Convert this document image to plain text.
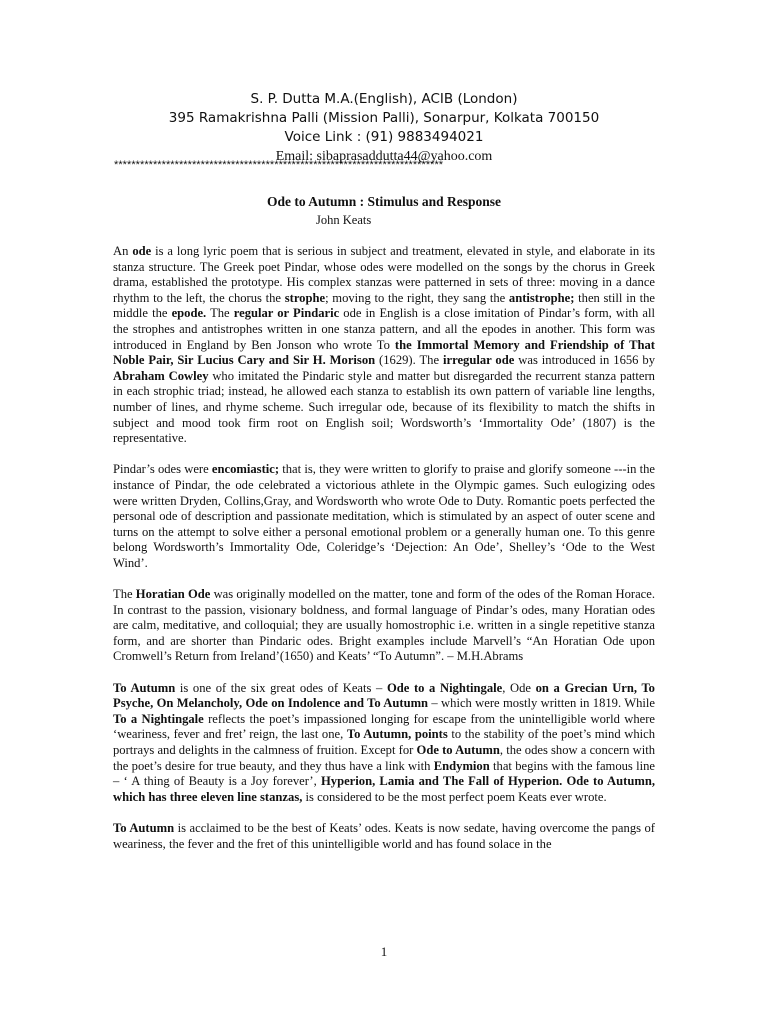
S. P. Dutta M.A.(English), ACIB (London)
395 Ramakrishna Palli (Mission Palli), Sonarpur, Kolkata 700150
Voice Link : (91) 9883494021
Email: sibaprasaddutta44@yahoo.com
****************************************************************************
Ode to Autumn : Stimulus and Response
John Keats

An ode is a long lyric poem that is serious in subject and treatment, elevated in style, and elaborate in its stanza structure. The Greek poet Pindar, whose odes were modelled on the songs by the chorus in Greek drama, established the prototype. His complex stanzas were patterned in sets of three: moving in a dance rhythm to the left, the chorus the strophe; moving to the right, they sang the antistrophe; then still in the middle the epode. The regular or Pindaric ode in English is a close imitation of Pindar’s form, with all the strophes and antistrophes written in one stanza pattern, and all the epodes in another. This form was introduced in England by Ben Jonson who wrote To the Immortal Memory and Friendship of That Noble Pair, Sir Lucius Cary and Sir H. Morison (1629). The irregular ode was introduced in 1656 by Abraham Cowley who imitated the Pindaric style and matter but disregarded the recurrent stanza pattern in each strophic triad; instead, he allowed each stanza to establish its own pattern of variable line lengths, number of lines, and rhyme scheme. Such irregular ode, because of its flexibility to match the shifts in subject and mood took firm root on English soil; Wordsworth’s ‘Immortality Ode’ (1807) is the representative.

Pindar’s odes were encomiastic; that is, they were written to glorify to praise and glorify someone ---in the instance of Pindar, the ode celebrated a victorious athlete in the Olympic games. Such eulogizing odes were written Dryden, Collins,Gray, and Wordsworth who wrote Ode to Duty. Romantic poets perfected the personal ode of description and passionate meditation, which is stimulated by an aspect of outer scene and turns on the attempt to solve either a personal emotional problem or a generally human one. To this genre belong Wordsworth’s Immortality Ode, Coleridge’s ‘Dejection: An Ode’, Shelley’s ‘Ode to the West Wind’.

The Horatian Ode was originally modelled on the matter, tone and form of the odes of the Roman Horace. In contrast to the passion, visionary boldness, and formal language of Pindar’s odes, many Horatian odes are calm, meditative, and colloquial; they are usually homostrophic i.e. written in a single repetitive stanza form, and are shorter than Pindaric odes. Bright examples include Marvell’s “An Horatian Ode upon Cromwell’s Return from Ireland’(1650) and Keats’ “To Autumn”. – M.H.Abrams

To Autumn is one of the six great odes of Keats – Ode to a Nightingale, Ode on a Grecian Urn, To Psyche, On Melancholy, Ode on Indolence and To Autumn – which were mostly written in 1819. While To a Nightingale reflects the poet’s impassioned longing for escape from the unintelligible world where ‘weariness, fever and fret’ reign, the last one, To Autumn, points to the stability of the poet’s mind which portrays and delights in the calmness of fruition. Except for Ode to Autumn, the odes show a concern with the poet’s desire for true beauty, and they thus have a link with Endymion that begins with the famous line – ‘ A thing of Beauty is a Joy forever’, Hyperion, Lamia and The Fall of Hyperion. Ode to Autumn, which has three eleven line stanzas, is considered to be the most perfect poem Keats ever wrote.

To Autumn is acclaimed to be the best of Keats’ odes. Keats is now sedate, having overcome the pangs of weariness, the fever and the fret of this unintelligible world and has found solace in the

1
